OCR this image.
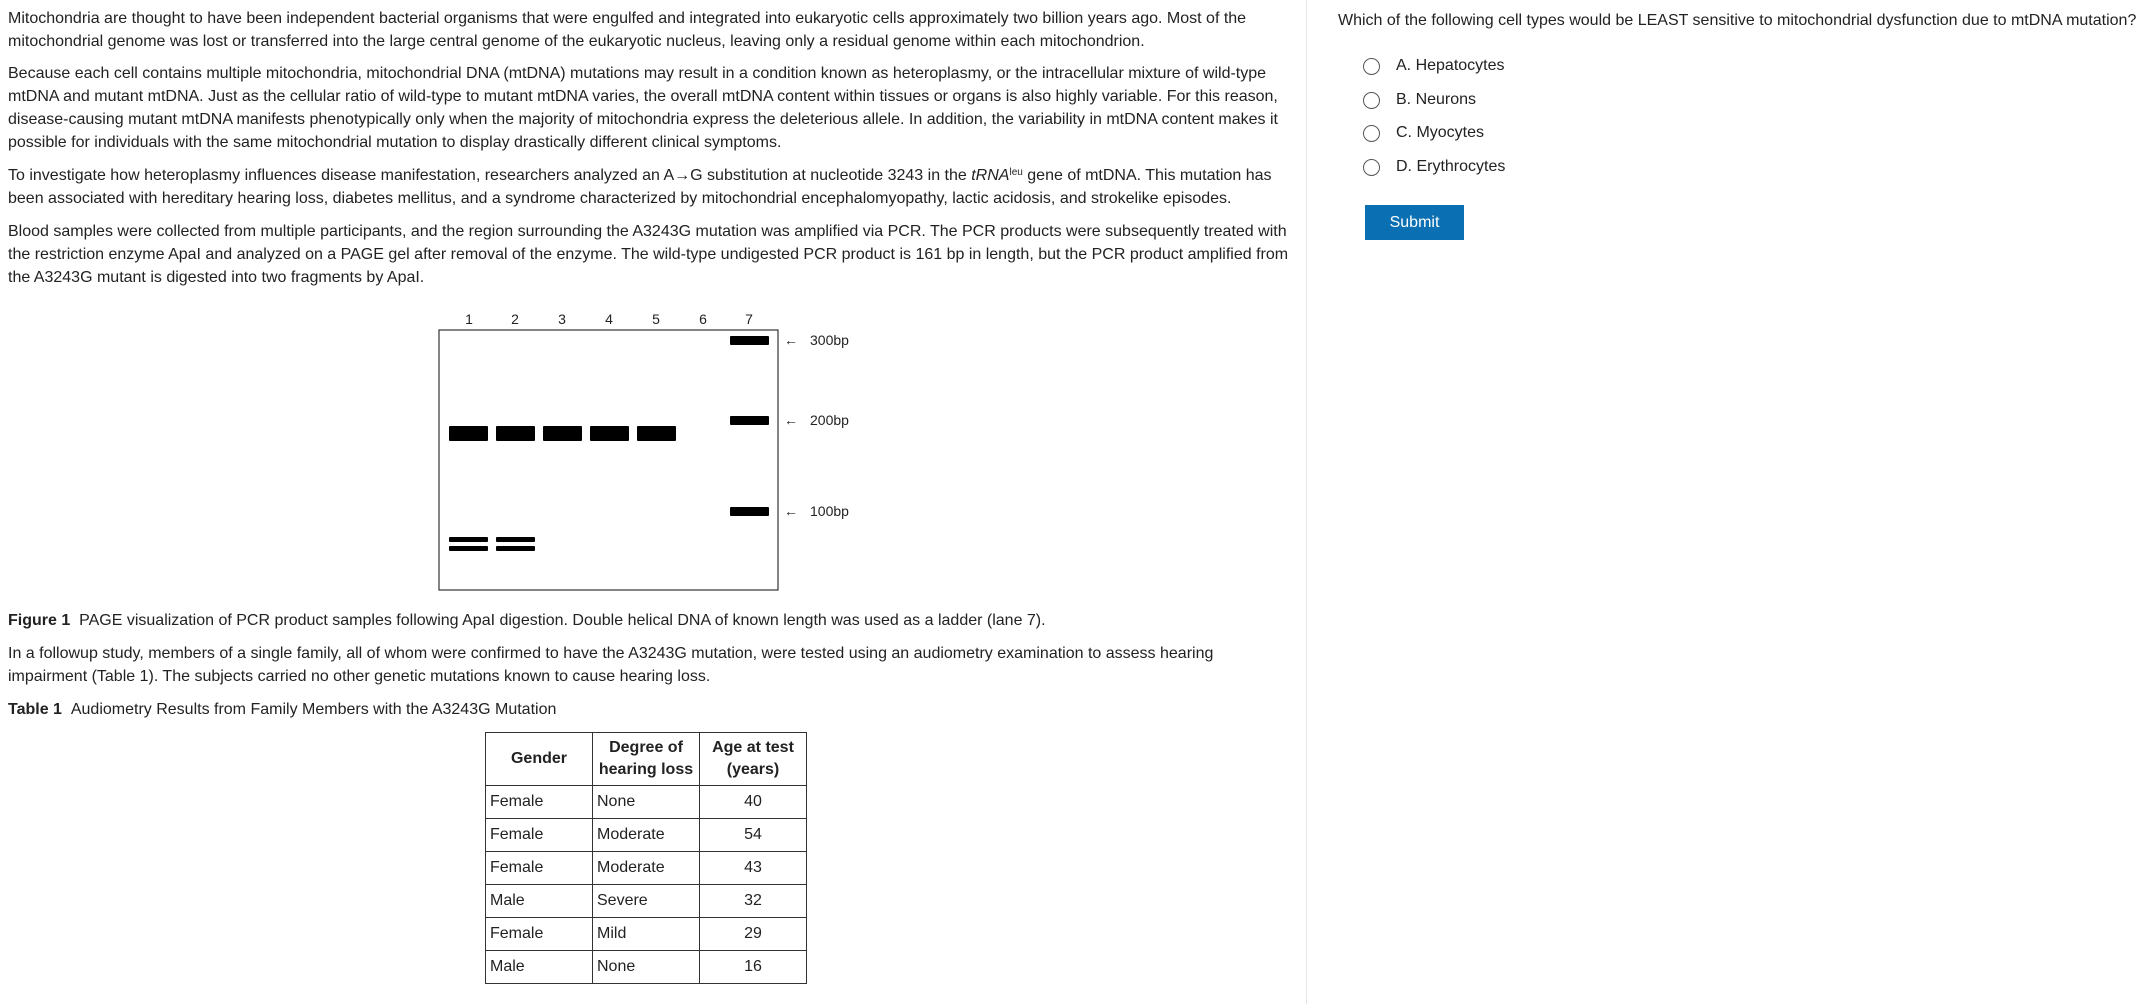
Mitochondria are thought to have been independent bacterial organisms that were engulfed and integrated into eukaryotic cells approximately two billion years ago. Most of the mitochondrial genome was lost or transferred into the large central genome of the eukaryotic nucleus, leaving only a residual genome within each mitochondrion.

Because each cell contains multiple mitochondria, mitochondrial DNA (mtDNA) mutations may result in a condition known as heteroplasmy, or the intracellular mixture of wild-type mtDNA and mutant mtDNA. Just as the cellular ratio of wild-type to mutant mtDNA varies, the overall mtDNA content within tissues or organs is also highly variable. For this reason, disease-causing mutant mtDNA manifests phenotypically only when the majority of mitochondria express the deleterious allele. In addition, the variability in mtDNA content makes it possible for individuals with the same mitochondrial mutation to display drastically different clinical symptoms.

To investigate how heteroplasmy influences disease manifestation, researchers analyzed an A→G substitution at nucleotide 3243 in the tRNA$^{leu}$ gene of mtDNA. This mutation has been associated with hereditary hearing loss, diabetes mellitus, and a syndrome characterized by mitochondrial encephalomyopathy, lactic acidosis, and strokelike episodes.

Blood samples were collected from multiple participants, and the region surrounding the A3243G mutation was amplified via PCR. The PCR products were subsequently treated with the restriction enzyme ApaI and analyzed on a PAGE gel after removal of the enzyme. The wild-type undigested PCR product is 161 bp in length, but the PCR product amplified from the A3243G mutant is digested into two fragments by ApaI.

1	2	3	4	5	6	7
← 300bp
← 200bp
← 100bp
Figure 1 PAGE visualization of PCR product samples following ApaI digestion. Double helical DNA of known length was used as a ladder (lane 7).

In a followup study, members of a single family, all of whom were confirmed to have the A3243G mutation, were tested using an audiometry examination to assess hearing impairment (Table 1). The subjects carried no other genetic mutations known to cause hearing loss.

Table 1 Audiometry Results from Family Members with the A3243G Mutation
Gender	Degree of hearing loss	Age at test (years)
Female	None	40
Female	Moderate	54
Female	Moderate	43
Male	Severe	32
Female	Mild	29
Male	None	16
Which of the following cell types would be LEAST sensitive to mitochondrial dysfunction due to mtDNA mutation?
A. Hepatocytes
B. Neurons
C. Myocytes
D. Erythrocytes
Submit
